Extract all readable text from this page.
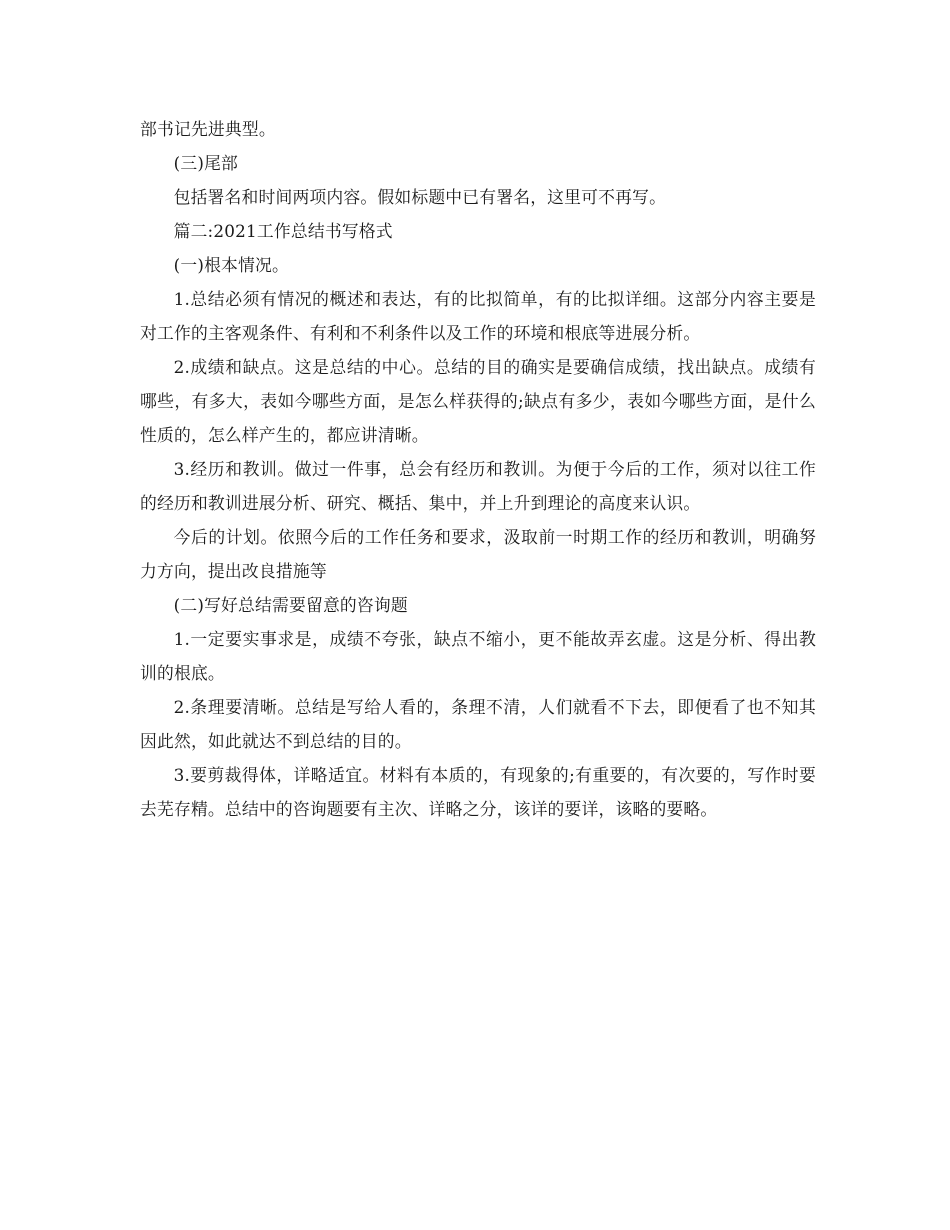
部书记先进典型。

(三)尾部

包括署名和时间两项内容。假如标题中已有署名，这里可不再写。

篇二:2021工作总结书写格式

(一)根本情况。

1.总结必须有情况的概述和表达，有的比拟简单，有的比拟详细。这部分内容主要是对工作的主客观条件、有利和不利条件以及工作的环境和根底等进展分析。

2.成绩和缺点。这是总结的中心。总结的目的确实是要确信成绩，找出缺点。成绩有哪些，有多大，表如今哪些方面，是怎么样获得的;缺点有多少，表如今哪些方面，是什么性质的，怎么样产生的，都应讲清晰。

3.经历和教训。做过一件事，总会有经历和教训。为便于今后的工作，须对以往工作的经历和教训进展分析、研究、概括、集中，并上升到理论的高度来认识。

今后的计划。依照今后的工作任务和要求，汲取前一时期工作的经历和教训，明确努力方向，提出改良措施等

(二)写好总结需要留意的咨询题

1.一定要实事求是，成绩不夸张，缺点不缩小，更不能故弄玄虚。这是分析、得出教训的根底。

2.条理要清晰。总结是写给人看的，条理不清，人们就看不下去，即便看了也不知其因此然，如此就达不到总结的目的。

3.要剪裁得体，详略适宜。材料有本质的，有现象的;有重要的，有次要的，写作时要去芜存精。总结中的咨询题要有主次、详略之分，该详的要详，该略的要略。
